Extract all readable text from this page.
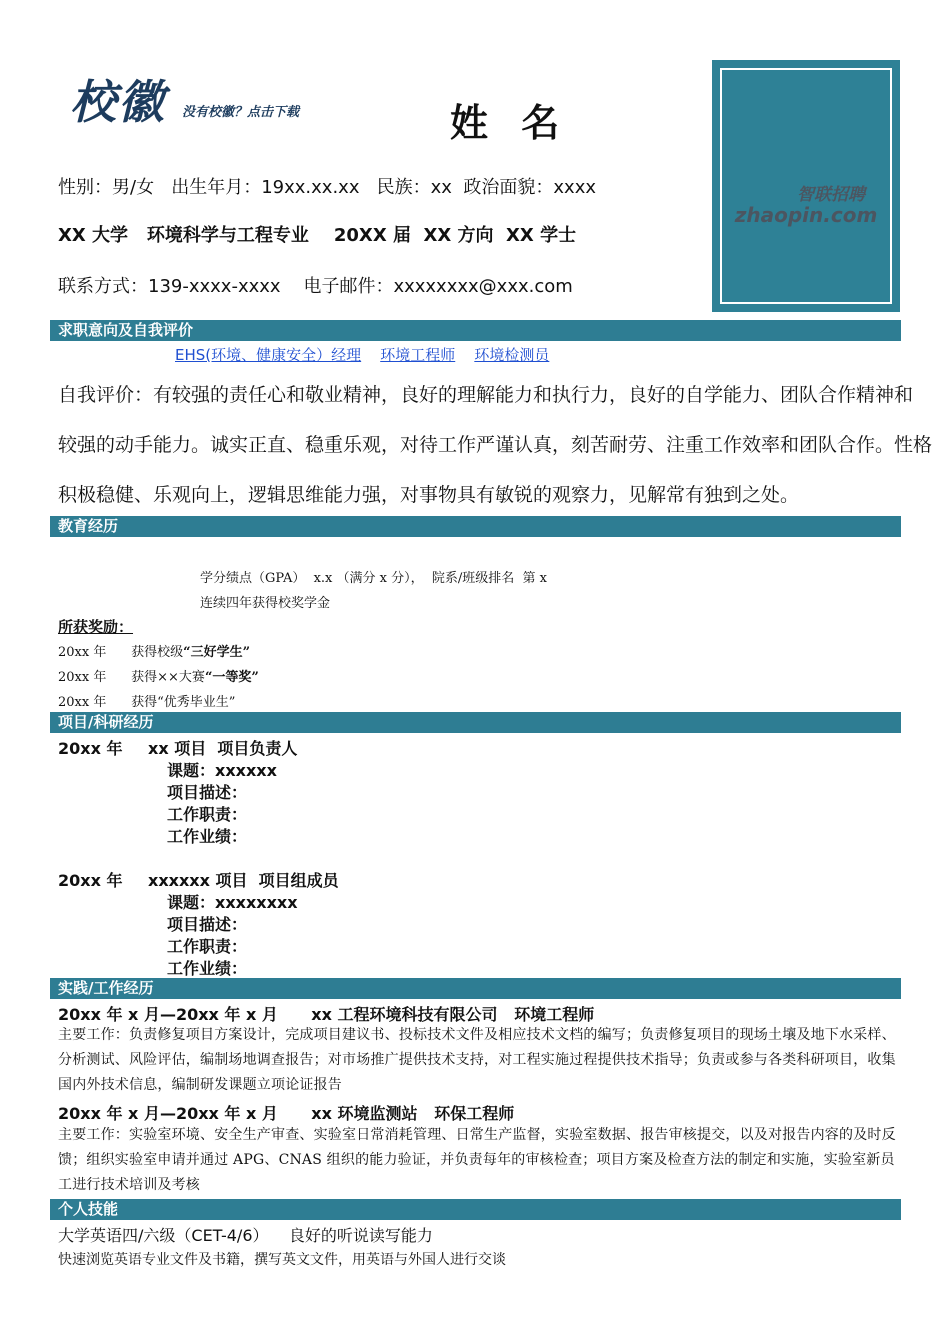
校徽 没有校徽？点击下载	姓 名
性别：男/女   出生年月：19xx.xx.xx   民族：xx  政治面貌：xxxx
XX 大学   环境科学与工程专业    20XX 届  XX 方向  XX 学士
联系方式：139-xxxx-xxxx    电子邮件：xxxxxxxx@xxx.com
智联招聘
zhaopin.com
求职意向及自我评价
EHS(环境、健康安全）经理 环境工程师 环境检测员
自我评价：有较强的责任心和敬业精神，良好的理解能力和执行力，良好的自学能力、团队合作精神和
较强的动手能力。诚实正直、稳重乐观，对待工作严谨认真，刻苦耐劳、注重工作效率和团队合作。性格
积极稳健、乐观向上，逻辑思维能力强，对事物具有敏锐的观察力，见解常有独到之处。
教育经历
学分绩点（GPA）  x.x （满分 x 分），  院系/班级排名  第 x
连续四年获得校奖学金
所获奖励：
20xx 年 获得校级“三好学生”
20xx 年 获得××大赛“一等奖”
20xx 年 获得“优秀毕业生”
项目/科研经历
20xx 年 xx 项目  项目负责人
课题：xxxxxx
项目描述：
工作职责：
工作业绩：
20xx 年 xxxxxx 项目  项目组成员
课题：xxxxxxxx
项目描述：
工作职责：
工作业绩：
实践/工作经历
20xx 年 x 月—20xx 年 x 月      xx 工程环境科技有限公司   环境工程师
主要工作：负责修复项目方案设计，完成项目建议书、投标技术文件及相应技术文档的编写；负责修复项目的现场土壤及地下水采样、分析测试、风险评估，编制场地调查报告；对市场推广提供技术支持，对工程实施过程提供技术指导；负责或参与各类科研项目，收集国内外技术信息，编制研发课题立项论证报告
20xx 年 x 月—20xx 年 x 月      xx 环境监测站   环保工程师
主要工作：实验室环境、安全生产审查、实验室日常消耗管理、日常生产监督，实验室数据、报告审核提交，以及对报告内容的及时反馈；组织实验室申请并通过 APG、CNAS 组织的能力验证，并负责每年的审核检查；项目方案及检查方法的制定和实施，实验室新员工进行技术培训及考核
个人技能
大学英语四/六级（CET-4/6）    良好的听说读写能力
快速浏览英语专业文件及书籍，撰写英文文件，用英语与外国人进行交谈
